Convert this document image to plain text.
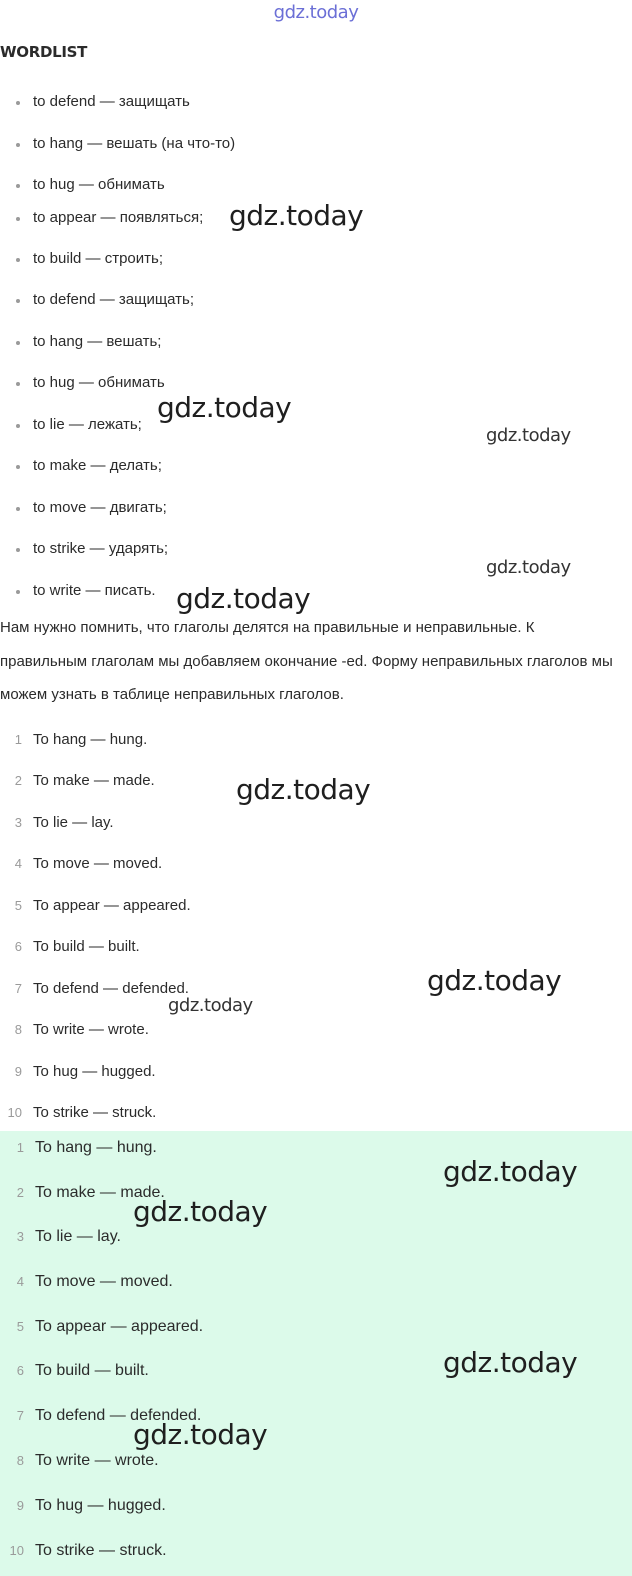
gdz.today
WORDLIST
to defend — защищать
to hang — вешать (на что-то)
to hug — обнимать
to appear — появляться;
to build — строить;
to defend — защищать;
to hang — вешать;
to hug — обнимать
to lie — лежать;
to make — делать;
to move — двигать;
to strike — ударять;
to write — писать.

Нам нужно помнить, что глаголы делятся на правильные и неправильные. К правильным глаголам мы добавляем окончание -ed. Форму неправильных глаголов мы можем узнать в таблице неправильных глаголов.

1 To hang — hung.
2 To make — made.
3 To lie — lay.
4 To move — moved.
5 To appear — appeared.
6 To build — built.
7 To defend — defended.
8 To write — wrote.
9 To hug — hugged.
10 To strike — struck.
1 To hang — hung.
2 To make — made.
3 To lie — lay.
4 To move — moved.
5 To appear — appeared.
6 To build — built.
7 To defend — defended.
8 To write — wrote.
9 To hug — hugged.
10 To strike — struck.
gdz.today
gdz.today
gdz.today
gdz.today
gdz.today
gdz.today
gdz.today
gdz.today
gdz.today
gdz.today
gdz.today
gdz.today
